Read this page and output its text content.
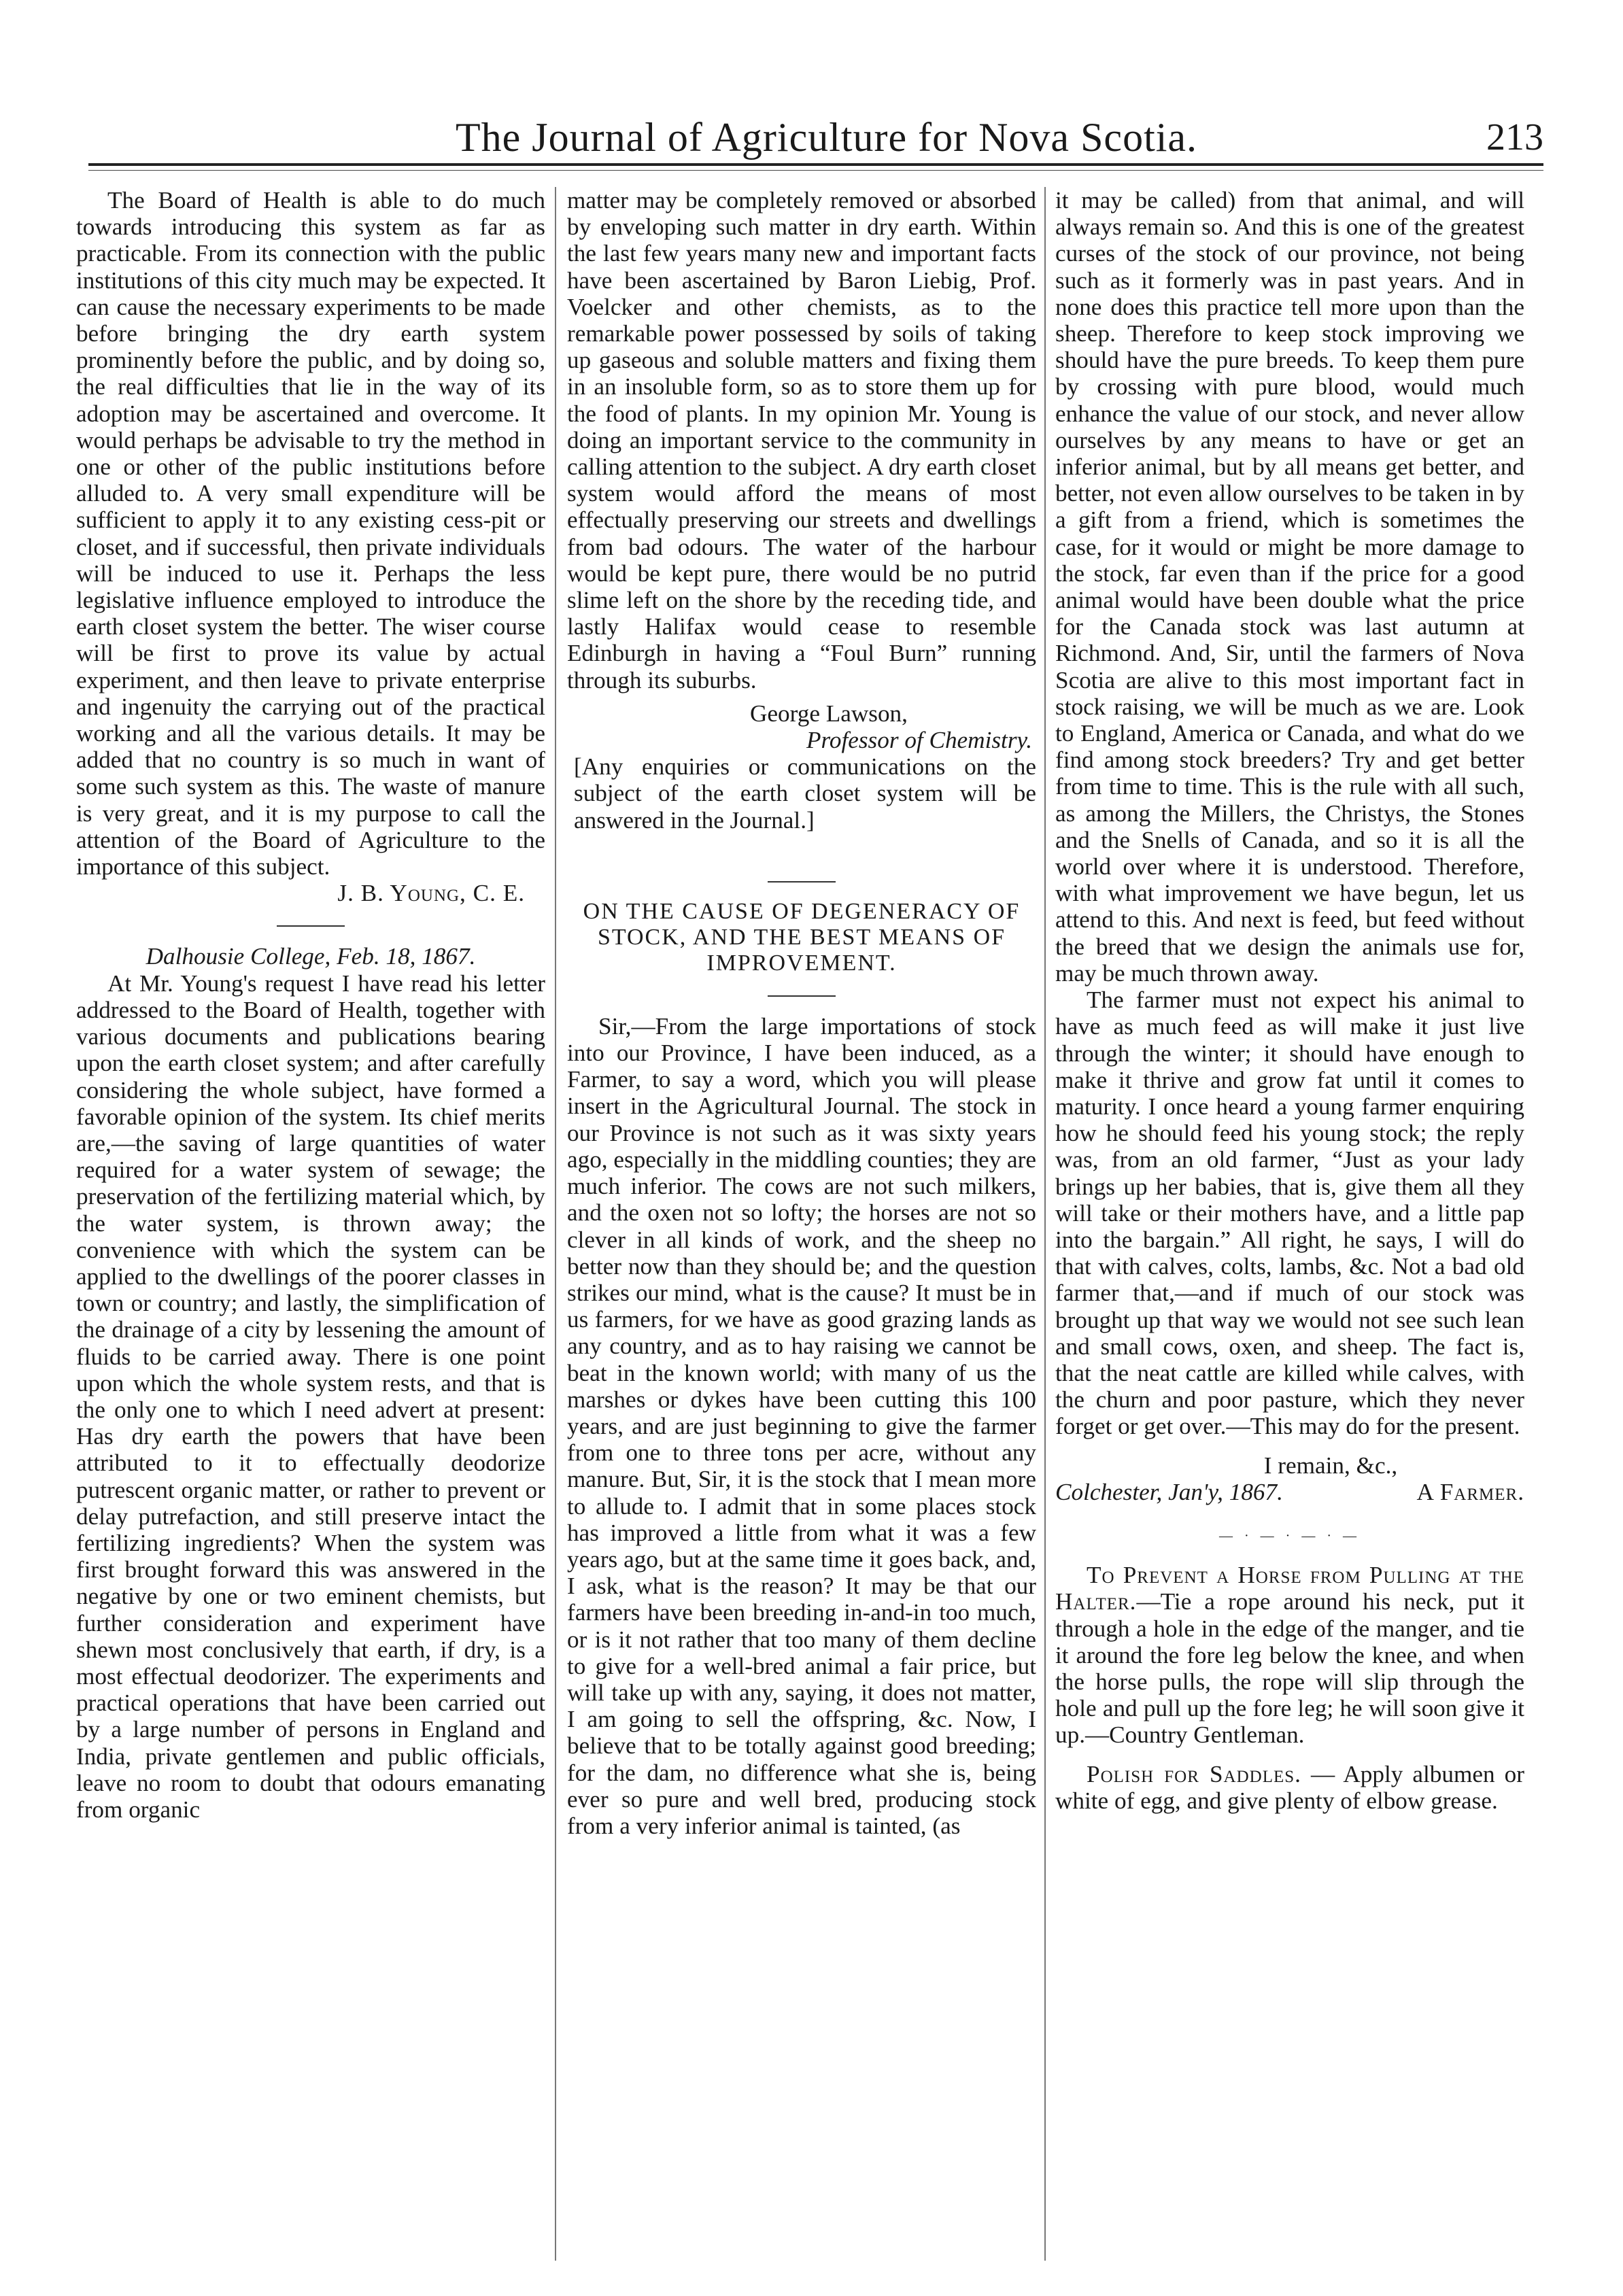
The Journal of Agriculture for Nova Scotia.	213

The Board of Health is able to do much towards introducing this system as far as practicable. From its connection with the public institutions of this city much may be expected. It can cause the necessary experiments to be made before bringing the dry earth system prominently before the public, and by doing so, the real difficulties that lie in the way of its adoption may be ascertained and overcome. It would perhaps be advisable to try the method in one or other of the public institutions before alluded to. A very small expenditure will be sufficient to apply it to any existing cess-pit or closet, and if successful, then private individuals will be induced to use it. Perhaps the less legislative influence employed to introduce the earth closet system the better. The wiser course will be first to prove its value by actual experiment, and then leave to private enterprise and ingenuity the carrying out of the practical working and all the various details. It may be added that no country is so much in want of some such system as this. The waste of manure is very great, and it is my purpose to call the attention of the Board of Agriculture to the importance of this subject.

J. B. Young, C. E.

Dalhousie College, Feb. 18, 1867.

At Mr. Young's request I have read his letter addressed to the Board of Health, together with various documents and publications bearing upon the earth closet system; and after carefully considering the whole subject, have formed a favorable opinion of the system. Its chief merits are,—the saving of large quantities of water required for a water system of sewage; the preservation of the fertilizing material which, by the water system, is thrown away; the convenience with which the system can be applied to the dwellings of the poorer classes in town or country; and lastly, the simplification of the drainage of a city by lessening the amount of fluids to be carried away. There is one point upon which the whole system rests, and that is the only one to which I need advert at present: Has dry earth the powers that have been attributed to it to effectually deodorize putrescent organic matter, or rather to prevent or delay putrefaction, and still preserve intact the fertilizing ingredients? When the system was first brought forward this was answered in the negative by one or two eminent chemists, but further consideration and experiment have shewn most conclusively that earth, if dry, is a most effectual deodorizer. The experiments and practical operations that have been carried out by a large number of persons in England and India, private gentlemen and public officials, leave no room to doubt that odours emanating from organic

matter may be completely removed or absorbed by enveloping such matter in dry earth. Within the last few years many new and important facts have been ascertained by Baron Liebig, Prof. Voelcker and other chemists, as to the remarkable power possessed by soils of taking up gaseous and soluble matters and fixing them in an insoluble form, so as to store them up for the food of plants. In my opinion Mr. Young is doing an important service to the community in calling attention to the subject. A dry earth closet system would afford the means of most effectually preserving our streets and dwellings from bad odours. The water of the harbour would be kept pure, there would be no putrid slime left on the shore by the receding tide, and lastly Halifax would cease to resemble Edinburgh in having a “Foul Burn” running through its suburbs.

George Lawson,

Professor of Chemistry.

[Any enquiries or communications on the subject of the earth closet system will be answered in the Journal.]

ON THE CAUSE OF DEGENERACY OF STOCK, AND THE BEST MEANS OF IMPROVEMENT.

Sir,—From the large importations of stock into our Province, I have been induced, as a Farmer, to say a word, which you will please insert in the Agricultural Journal. The stock in our Province is not such as it was sixty years ago, especially in the middling counties; they are much inferior. The cows are not such milkers, and the oxen not so lofty; the horses are not so clever in all kinds of work, and the sheep no better now than they should be; and the question strikes our mind, what is the cause? It must be in us farmers, for we have as good grazing lands as any country, and as to hay raising we cannot be beat in the known world; with many of us the marshes or dykes have been cutting this 100 years, and are just beginning to give the farmer from one to three tons per acre, without any manure. But, Sir, it is the stock that I mean more to allude to. I admit that in some places stock has improved a little from what it was a few years ago, but at the same time it goes back, and, I ask, what is the reason? It may be that our farmers have been breeding in-and-in too much, or is it not rather that too many of them decline to give for a well-bred animal a fair price, but will take up with any, saying, it does not matter, I am going to sell the offspring, &c. Now, I believe that to be totally against good breeding; for the dam, no difference what she is, being ever so pure and well bred, producing stock from a very inferior animal is tainted, (as

it may be called) from that animal, and will always remain so. And this is one of the greatest curses of the stock of our province, not being such as it formerly was in past years. And in none does this practice tell more upon than the sheep. Therefore to keep stock improving we should have the pure breeds. To keep them pure by crossing with pure blood, would much enhance the value of our stock, and never allow ourselves by any means to have or get an inferior animal, but by all means get better, and better, not even allow ourselves to be taken in by a gift from a friend, which is sometimes the case, for it would or might be more damage to the stock, far even than if the price for a good animal would have been double what the price for the Canada stock was last autumn at Richmond. And, Sir, until the farmers of Nova Scotia are alive to this most important fact in stock raising, we will be much as we are. Look to England, America or Canada, and what do we find among stock breeders? Try and get better from time to time. This is the rule with all such, as among the Millers, the Christys, the Stones and the Snells of Canada, and so it is all the world over where it is understood. Therefore, with what improvement we have begun, let us attend to this. And next is feed, but feed without the breed that we design the animals use for, may be much thrown away.

The farmer must not expect his animal to have as much feed as will make it just live through the winter; it should have enough to make it thrive and grow fat until it comes to maturity. I once heard a young farmer enquiring how he should feed his young stock; the reply was, from an old farmer, “Just as your lady brings up her babies, that is, give them all they will take or their mothers have, and a little pap into the bargain.” All right, he says, I will do that with calves, colts, lambs, &c. Not a bad old farmer that,—and if much of our stock was brought up that way we would not see such lean and small cows, oxen, and sheep. The fact is, that the neat cattle are killed while calves, with the churn and poor pasture, which they never forget or get over.—This may do for the present.

I remain, &c.,

Colchester, Jan'y, 1867.	A Farmer.
— · — · — · —

To Prevent a Horse from Pulling at the Halter.—Tie a rope around his neck, put it through a hole in the edge of the manger, and tie it around the fore leg below the knee, and when the horse pulls, the rope will slip through the hole and pull up the fore leg; he will soon give it up.—Country Gentleman.

Polish for Saddles. — Apply albumen or white of egg, and give plenty of elbow grease.
